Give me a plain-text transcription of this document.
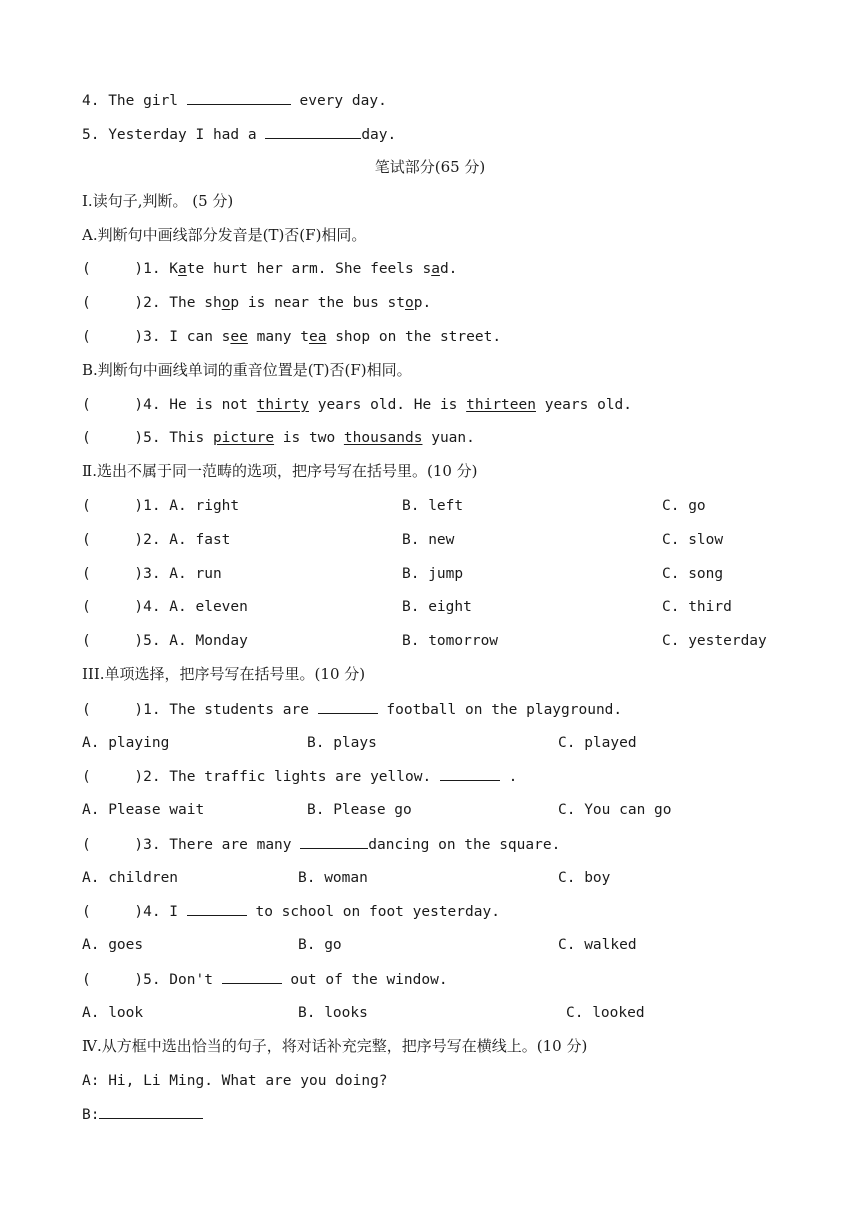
4. The girl	every day.
5. Yesterday I had a	day.
笔试部分(65 分)
Ⅰ.读句子,判断。 (5 分)
A.判断句中画线部分发音是(T)否(F)相同。
(     )1. Kate hurt her arm. She feels sad.
(     )2. The shop is near the bus stop.
(     )3. I can see many tea shop on the street.
B.判断句中画线单词的重音位置是(T)否(F)相同。
(     )4. He is not thirty years old. He is thirteen years old.
(     )5. This picture is two thousands yuan.
Ⅱ.选出不属于同一范畴的选项，把序号写在括号里。(10 分)
(     )1. A. right	B. left	C. go
(     )2. A. fast	B. new	C. slow
(     )3. A. run	B. jump	C. song
(     )4. A. eleven	B. eight	C. third
(     )5. A. Monday	B. tomorrow	C. yesterday
III.单项选择，把序号写在括号里。(10 分)
(     )1. The students are	football on the playground.
A. playing	B. plays	C. played
(     )2. The traffic lights are yellow.	.
A. Please wait	B. Please go	C. You can go
(     )3. There are many	dancing on the square.
A. children	B. woman	C. boy
(     )4. I	to school on foot yesterday.
A. goes	B. go	C. walked
(     )5. Don't	out of the window.
A. look	B. looks	C. looked
Ⅳ.从方框中选出恰当的句子，将对话补充完整，把序号写在横线上。(10 分)
A: Hi, Li Ming. What are you doing?
B:
